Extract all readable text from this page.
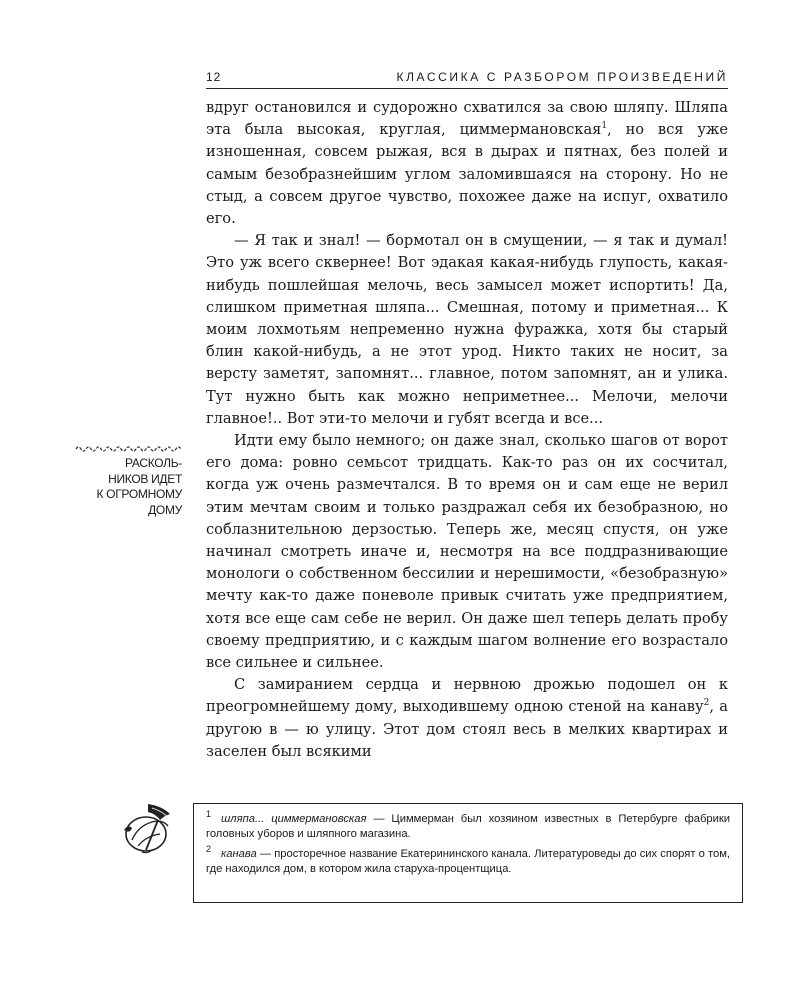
12	КЛАССИКА С РАЗБОРОМ ПРОИЗВЕДЕНИЙ
РАСКОЛЬ-
НИКОВ ИДЕТ
К ОГРОМНОМУ
ДОМУ

вдруг остановился и судорожно схватился за свою шляпу. Шляпа эта была высокая, круглая, циммермановская$^1$, но вся уже изношенная, совсем рыжая, вся в дырах и пятнах, без полей и самым безобразнейшим углом заломившаяся на сторону. Но не стыд, а совсем другое чувство, похожее даже на испуг, охватило его.

— Я так и знал! — бормотал он в смущении, — я так и думал! Это уж всего сквернее! Вот эдакая какая-нибудь глупость, какая-нибудь пошлейшая мелочь, весь замысел может испортить! Да, слишком приметная шляпа... Смешная, потому и приметная... К моим лохмотьям непременно нужна фуражка, хотя бы старый блин какой-нибудь, а не этот урод. Никто таких не носит, за версту заметят, запомнят... главное, потом запомнят, ан и улика. Тут нужно быть как можно неприметнее... Мелочи, мелочи главное!.. Вот эти-то мелочи и губят всегда и все...

Идти ему было немного; он даже знал, сколько шагов от ворот его дома: ровно семьсот тридцать. Как-то раз он их сосчитал, когда уж очень размечтался. В то время он и сам еще не верил этим мечтам своим и только раздражал себя их безобразною, но соблазнительною дерзостью. Теперь же, месяц спустя, он уже начинал смотреть иначе и, несмотря на все поддразнивающие монологи о собственном бессилии и нерешимости, «безобразную» мечту как-то даже поневоле привык считать уже предприятием, хотя все еще сам себе не верил. Он даже шел теперь делать пробу своему предприятию, и с каждым шагом волнение его возрастало все сильнее и сильнее.

С замиранием сердца и нервною дрожью подошел он к преогромнейшему дому, выходившему одною стеной на канаву$^2$, а другою в — ю улицу. Этот дом стоял весь в мелких квартирах и заселен был всякими

$^1$ шляпа... циммермановская — Циммерман был хозяином известных в Петербурге фабрики головных уборов и шляпного магазина.

$^2$ канава — просторечное название Екатерининского канала. Литературоведы до сих спорят о том, где находился дом, в котором жила старуха-процентщица.
